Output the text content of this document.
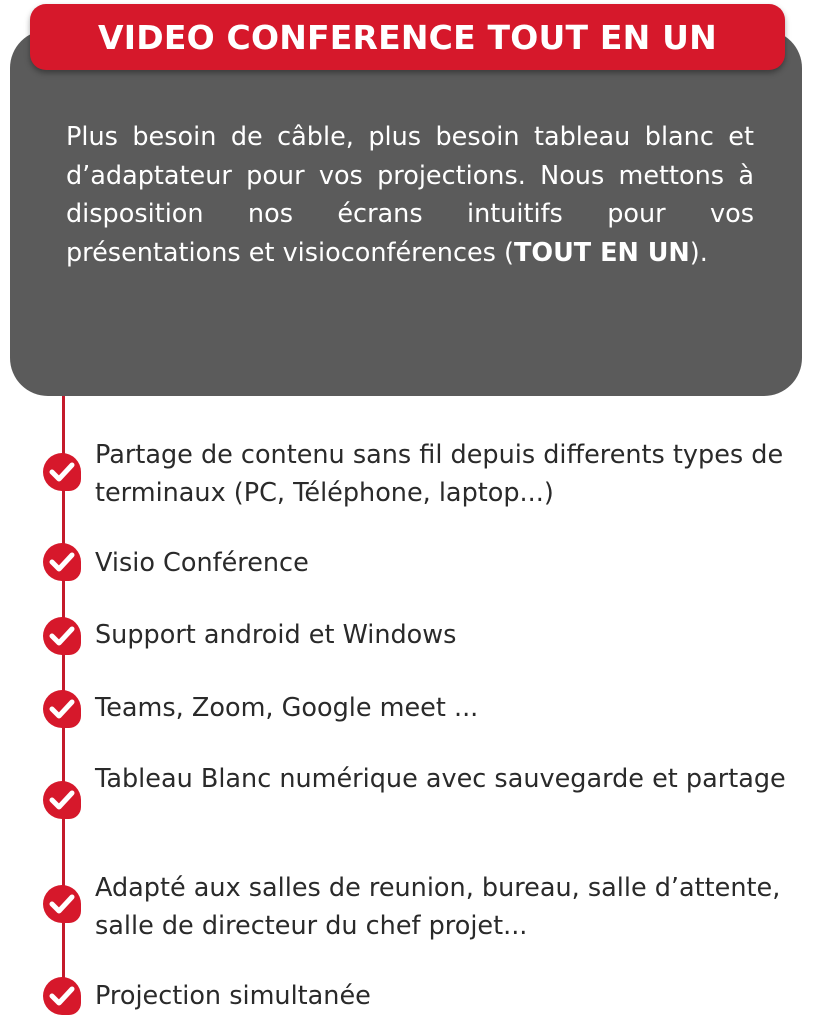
VIDEO CONFERENCE TOUT EN UN
Plus besoin de câble, plus besoin tableau blanc et d’adaptateur pour vos projections. Nous mettons à disposition nos écrans intuitifs pour vos présentations et visioconférences (TOUT EN UN).
Partage de contenu sans fil depuis differents types de terminaux (PC, Téléphone, laptop...)
Visio Conférence
Support android et Windows
Teams, Zoom, Google meet ...
Tableau Blanc numérique avec sauvegarde et partage
Adapté aux salles de reunion, bureau, salle d’attente, salle de directeur du chef projet...
Projection simultanée
